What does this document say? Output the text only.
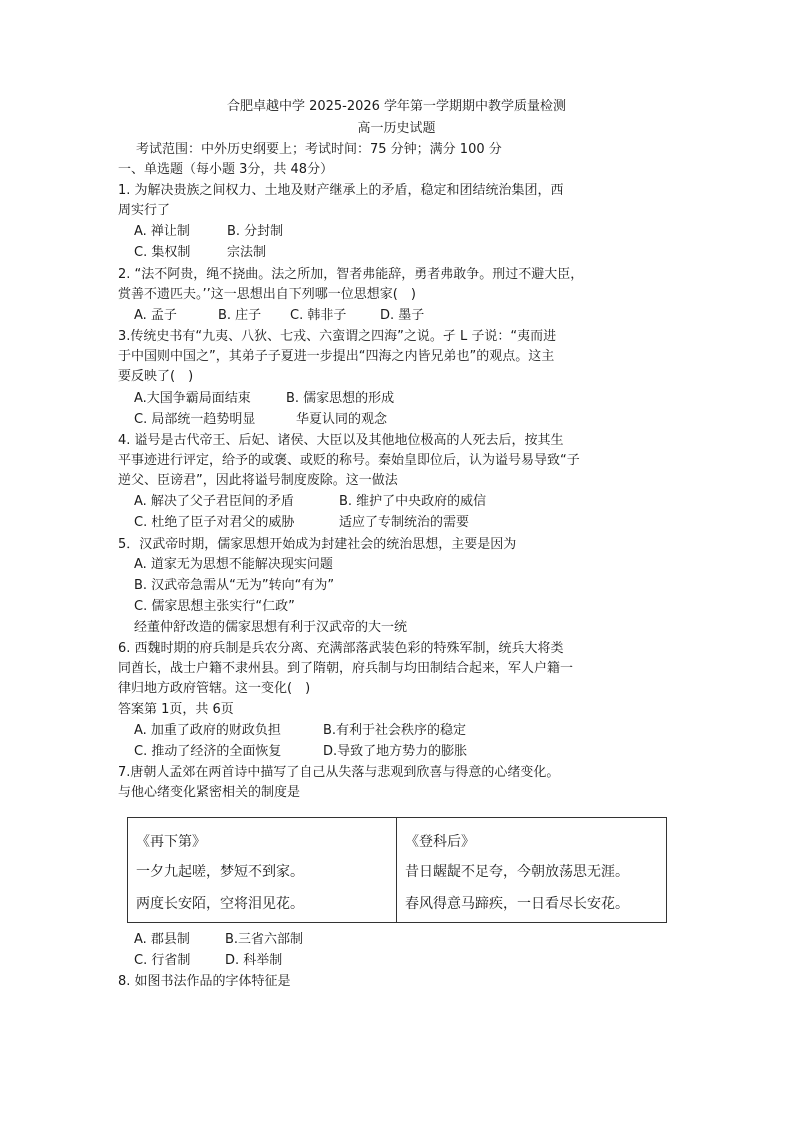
合肥卓越中学 2025-2026 学年第一学期期中教学质量检测
高一历史试题
考试范围：中外历史纲要上；考试时间：75 分钟；满分 100 分
一、单选题（每小题 3分，共 48分）
1. 为解决贵族之间权力、土地及财产继承上的矛盾，稳定和团结统治集团，西
周实行了
A. 禅让制	B. 分封制
C. 集权制	宗法制
2. “法不阿贵，绳不挠曲。法之所加，智者弗能辞，勇者弗敢争。刑过不避大臣，
赏善不遗匹夫。’’这一思想出自下列哪一位思想家(　)
A. 孟子	B. 庄子 C. 韩非子	D. 墨子
3.传统史书有“九夷、八狄、七戎、六蛮谓之四海”之说。孑 L 子说：“夷而进
于中国则中国之”，其弟子子夏进一步提出“四海之内皆兄弟也”的观点。这主
要反映了(　)
A.大国争霸局面结束	B. 儒家思想的形成
C. 局部统一趋势明显	华夏认同的观念
4. 谥号是古代帝王、后妃、诸侯、大臣以及其他地位极高的人死去后，按其生
平事迹进行评定，给予的或褒、或贬的称号。秦始皇即位后，认为谥号易导致“子
逆父、臣谤君”，因此将谥号制度废除。这一做法
A. 解决了父子君臣间的矛盾	B. 维护了中央政府的威信
C. 杜绝了臣子对君父的威胁	适应了专制统治的需要
5．汉武帝时期，儒家思想开始成为封建社会的统治思想，主要是因为
A. 道家无为思想不能解决现实问题
B. 汉武帝急需从“无为”转向“有为”
C. 儒家思想主张实行“仁政”
经董仲舒改造的儒家思想有利于汉武帝的大一统
6. 西魏时期的府兵制是兵农分离、充满部落武装色彩的特殊军制，统兵大将类
同酋长，战士户籍不隶州县。到了隋朝，府兵制与均田制结合起来，军人户籍一
律归地方政府管辖。这一变化(　)
答案第 1页，共 6页
A. 加重了政府的财政负担	B.有利于社会秩序的稳定
C. 推动了经济的全面恢复	D.导致了地方势力的膨胀
7.唐朝人孟郊在两首诗中描写了自己从失落与悲观到欣喜与得意的心绪变化。
与他心绪变化紧密相关的制度是
《再下第》
一夕九起嗟，梦短不到家。
两度长安陌，空将泪见花。
《登科后》
昔日龌龊不足夸，今朝放荡思无涯。
春风得意马蹄疾，一日看尽长安花。
A. 郡县制	B.三省六部制
C. 行省制	D. 科举制
8. 如图书法作品的字体特征是
